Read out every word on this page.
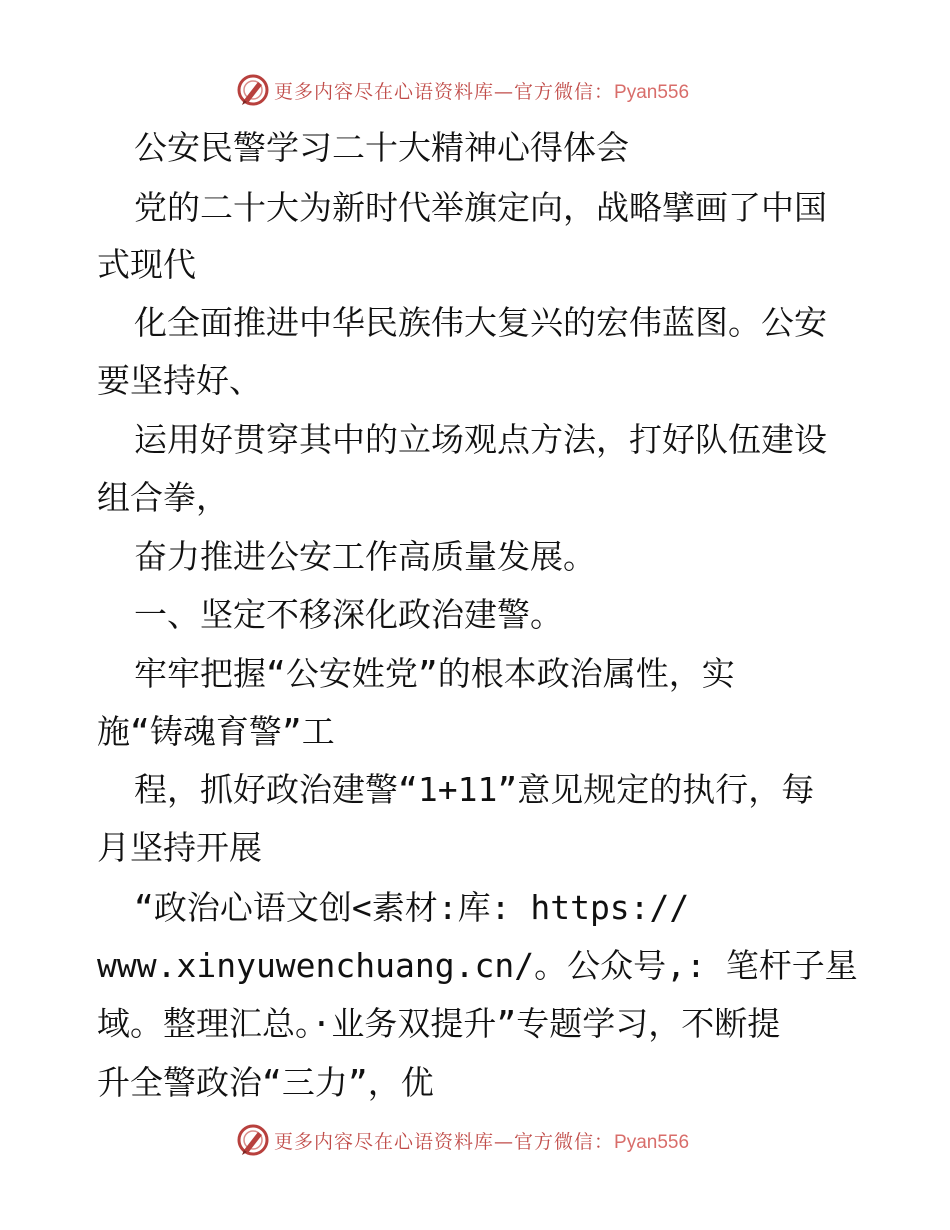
更多内容尽在心语资料库—官方微信：Pyan556
公安民警学习二十大精神心得体会
党的二十大为新时代举旗定向，战略擘画了中国
式现代
化全面推进中华民族伟大复兴的宏伟蓝图。公安
要坚持好、
运用好贯穿其中的立场观点方法，打好队伍建设
组合拳，
奋力推进公安工作高质量发展。
一、坚定不移深化政治建警。
牢牢把握“公安姓党”的根本政治属性，实
施“铸魂育警”工
程，抓好政治建警“1+11”意见规定的执行，每
月坚持开展
“政治心语文创<素材:库: https://
www.xinyuwenchuang.cn/。公众号,: 笔杆子星
域。整理汇总。·业务双提升”专题学习，不断提
升全警政治“三力”，优
更多内容尽在心语资料库—官方微信：Pyan556
